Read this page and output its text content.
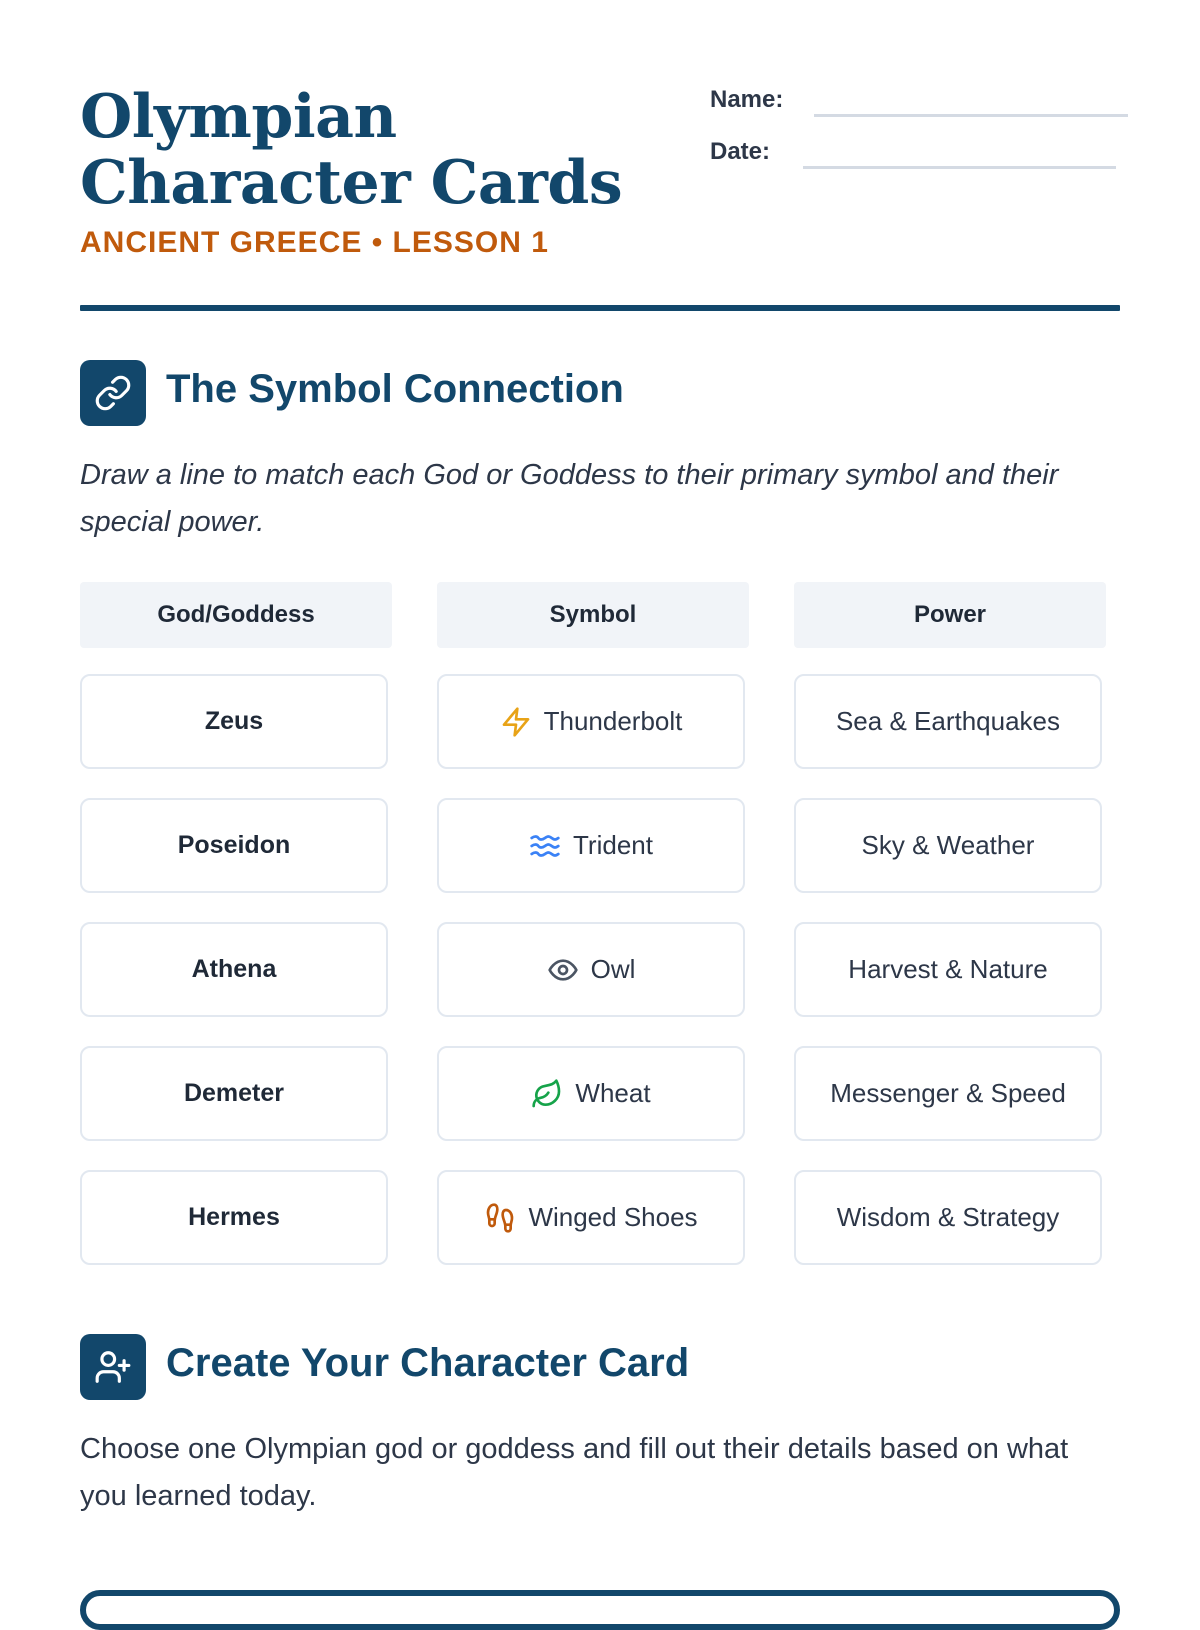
Olympian Character Cards
ANCIENT GREECE • LESSON 1
Name:
Date:
The Symbol Connection
Draw a line to match each God or Goddess to their primary symbol and their special power.
God/Goddess	Symbol	Power
Zeus
Poseidon
Athena
Demeter
Hermes
Thunderbolt
Trident
Owl
Wheat
Winged Shoes
Sea & Earthquakes
Sky & Weather
Harvest & Nature
Messenger & Speed
Wisdom & Strategy
Create Your Character Card
Choose one Olympian god or goddess and fill out their details based on what you learned today.
